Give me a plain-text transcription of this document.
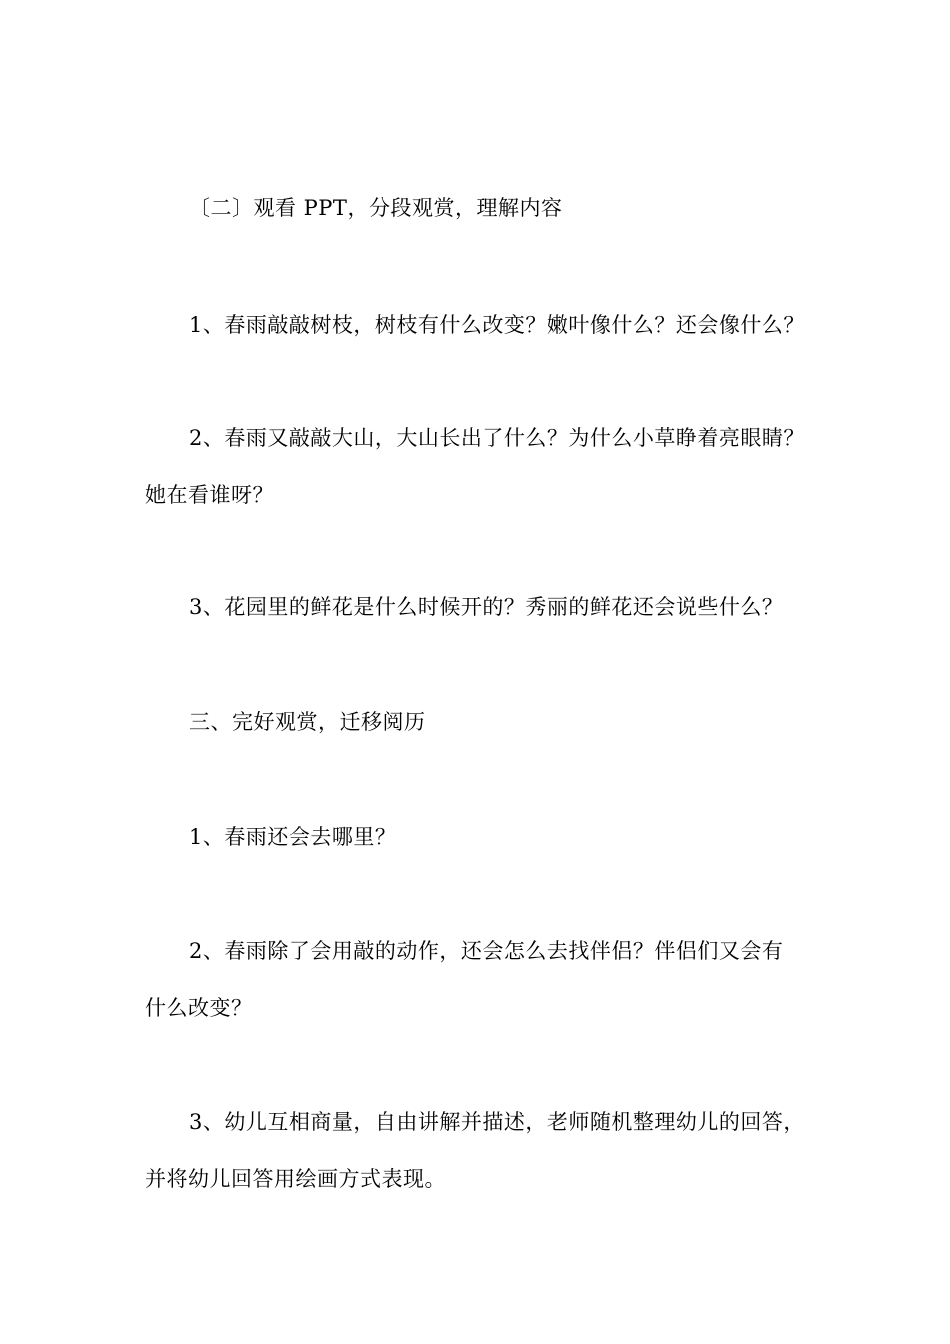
〔二〕观看 PPT，分段观赏，理解内容
1、春雨敲敲树枝，树枝有什么改变？嫩叶像什么？还会像什么？
2、春雨又敲敲大山，大山长出了什么？为什么小草睁着亮眼睛？
她在看谁呀？
3、花园里的鲜花是什么时候开的？秀丽的鲜花还会说些什么？
三、完好观赏，迁移阅历
1、春雨还会去哪里？
2、春雨除了会用敲的动作，还会怎么去找伴侣？伴侣们又会有
什么改变？
3、幼儿互相商量，自由讲解并描述，老师随机整理幼儿的回答，
并将幼儿回答用绘画方式表现。
